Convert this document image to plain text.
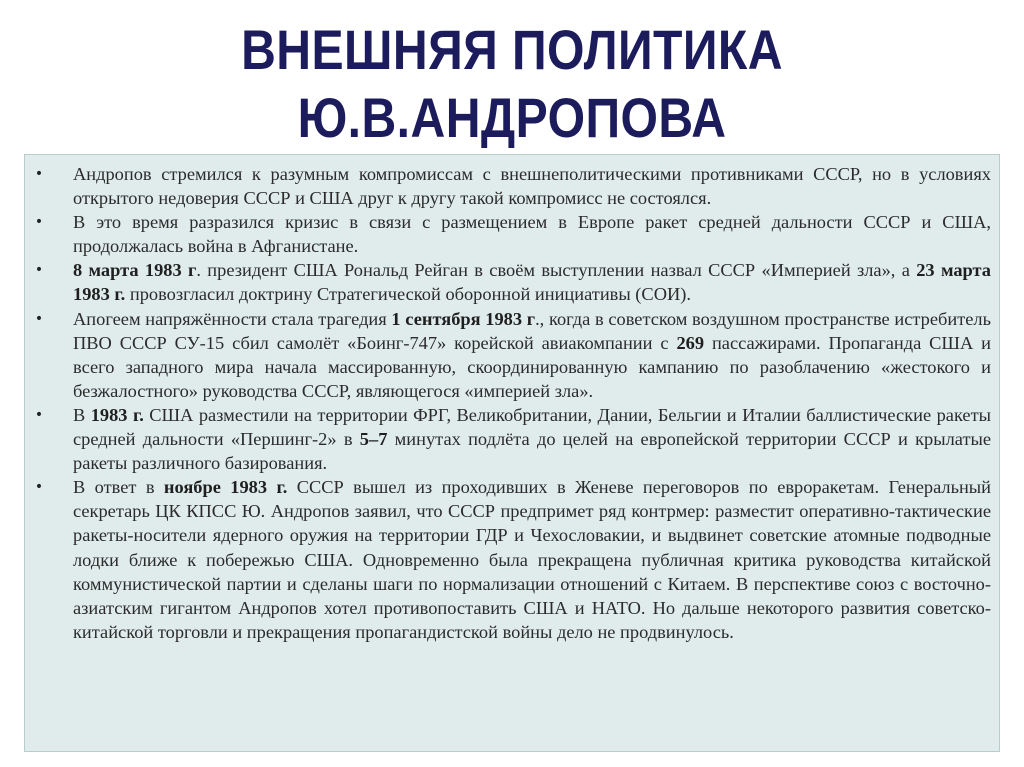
ВНЕШНЯЯ ПОЛИТИКА
Ю.В.АНДРОПОВА
• Андропов стремился к разумным компромиссам с внешнеполитическими противниками СССР, но в условиях открытого недоверия СССР и США друг к другу такой компромисс не состоялся.
• В это время разразился кризис в связи с размещением в Европе ракет средней дальности СССР и США, продолжалась война в Афганистане.
• 8 марта 1983 г. президент США Рональд Рейган в своём выступлении назвал СССР «Империей зла», а 23 марта 1983 г. провозгласил доктрину Стратегической оборонной инициативы (СОИ).
• Апогеем напряжённости стала трагедия 1 сентября 1983 г., когда в советском воздушном пространстве истребитель ПВО СССР СУ-15 сбил самолёт «Боинг-747» корейской авиакомпании с 269 пассажирами. Пропаганда США и всего западного мира начала массированную, скоординированную кампанию по разоблачению «жестокого и безжалостного» руководства СССР, являющегося «империей зла».
• В 1983 г. США разместили на территории ФРГ, Великобритании, Дании, Бельгии и Италии баллистические ракеты средней дальности «Першинг-2» в 5–7 минутах подлёта до целей на европейской территории СССР и крылатые ракеты различного базирования.
• В ответ в ноябре 1983 г. СССР вышел из проходивших в Женеве переговоров по евроракетам. Генеральный секретарь ЦК КПСС Ю. Андропов заявил, что СССР предпримет ряд контрмер: разместит оперативно-тактические ракеты-носители ядерного оружия на территории ГДР и Чехословакии, и выдвинет советские атомные подводные лодки ближе к побережью США. Одновременно была прекращена публичная критика руководства китайской коммунистической партии и сделаны шаги по нормализации отношений с Китаем. В перспективе союз с восточно-азиатским гигантом Андропов хотел противопоставить США и НАТО. Но дальше некоторого развития советско-китайской торговли и прекращения пропагандистской войны дело не продвинулось.
